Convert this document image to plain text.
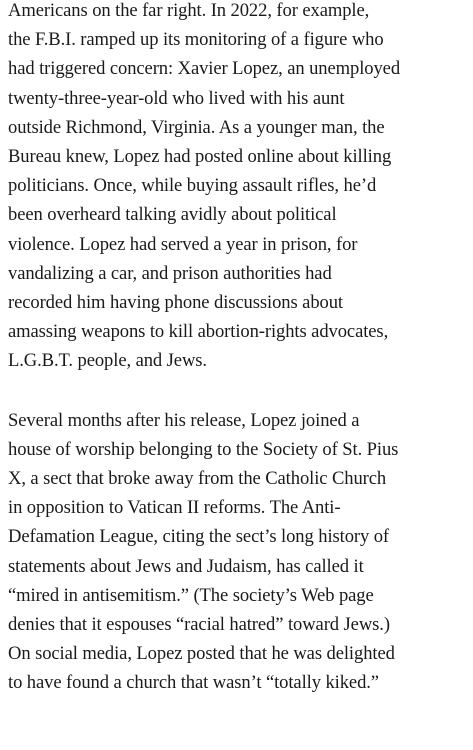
Americans on the far right. In 2022, for example,
the F.B.I. ramped up its monitoring of a figure who
had triggered concern: Xavier Lopez, an unemployed
twenty-three-year-old who lived with his aunt
outside Richmond, Virginia. As a younger man, the
Bureau knew, Lopez had posted online about killing
politicians. Once, while buying assault rifles, he’d
been overheard talking avidly about political
violence. Lopez had served a year in prison, for
vandalizing a car, and prison authorities had
recorded him having phone discussions about
amassing weapons to kill abortion-rights advocates,
L.G.B.T. people, and Jews.

Several months after his release, Lopez joined a
house of worship belonging to the Society of St. Pius
X, a sect that broke away from the Catholic Church
in opposition to Vatican II reforms. The Anti-
Defamation League, citing the sect’s long history of
statements about Jews and Judaism, has called it
“mired in antisemitism.” (The society’s Web page
denies that it espouses “racial hatred” toward Jews.)
On social media, Lopez posted that he was delighted
to have found a church that wasn’t “totally kiked.”
